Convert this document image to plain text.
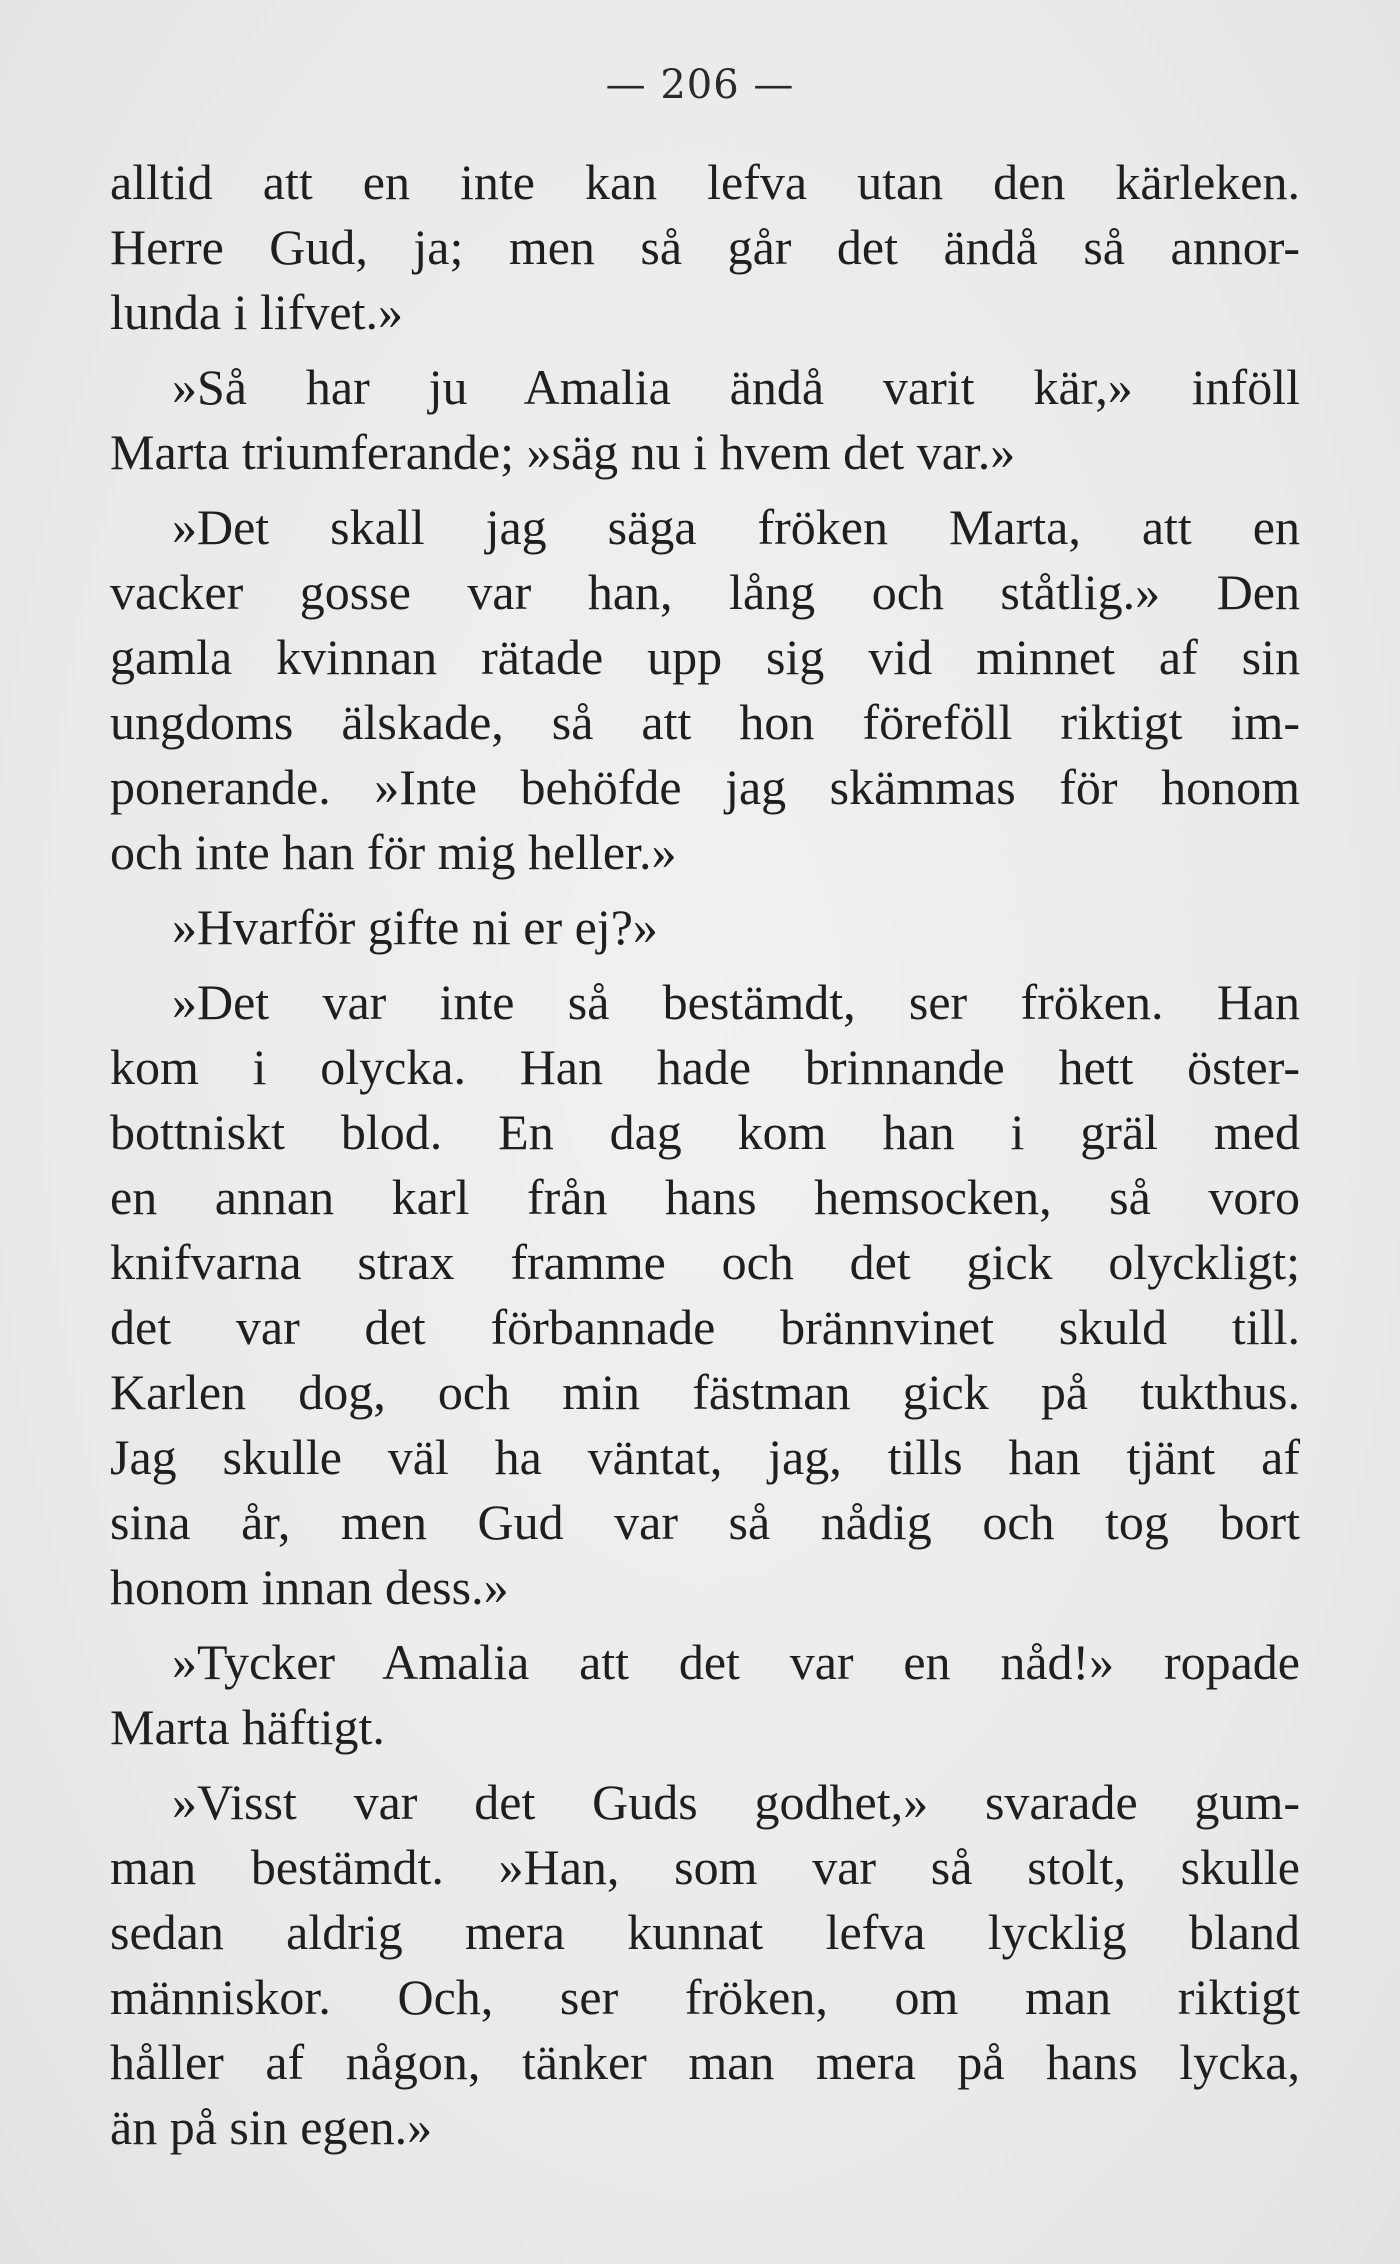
— 206 —
alltid att en inte kan lefva utan den kärleken.
Herre Gud, ja; men så går det ändå så annor-
lunda i lifvet.»
»Så har ju Amalia ändå varit kär,» inföll
Marta triumferande; »säg nu i hvem det var.»
»Det skall jag säga fröken Marta, att en
vacker gosse var han, lång och ståtlig.» Den
gamla kvinnan rätade upp sig vid minnet af sin
ungdoms älskade, så att hon föreföll riktigt im-
ponerande. »Inte behöfde jag skämmas för honom
och inte han för mig heller.»
»Hvarför gifte ni er ej?»
»Det var inte så bestämdt, ser fröken. Han
kom i olycka. Han hade brinnande hett öster-
bottniskt blod. En dag kom han i gräl med
en annan karl från hans hemsocken, så voro
knifvarna strax framme och det gick olyckligt;
det var det förbannade brännvinet skuld till.
Karlen dog, och min fästman gick på tukthus.
Jag skulle väl ha väntat, jag, tills han tjänt af
sina år, men Gud var så nådig och tog bort
honom innan dess.»
»Tycker Amalia att det var en nåd!» ropade
Marta häftigt.
»Visst var det Guds godhet,» svarade gum-
man bestämdt. »Han, som var så stolt, skulle
sedan aldrig mera kunnat lefva lycklig bland
människor. Och, ser fröken, om man riktigt
håller af någon, tänker man mera på hans lycka,
än på sin egen.»
